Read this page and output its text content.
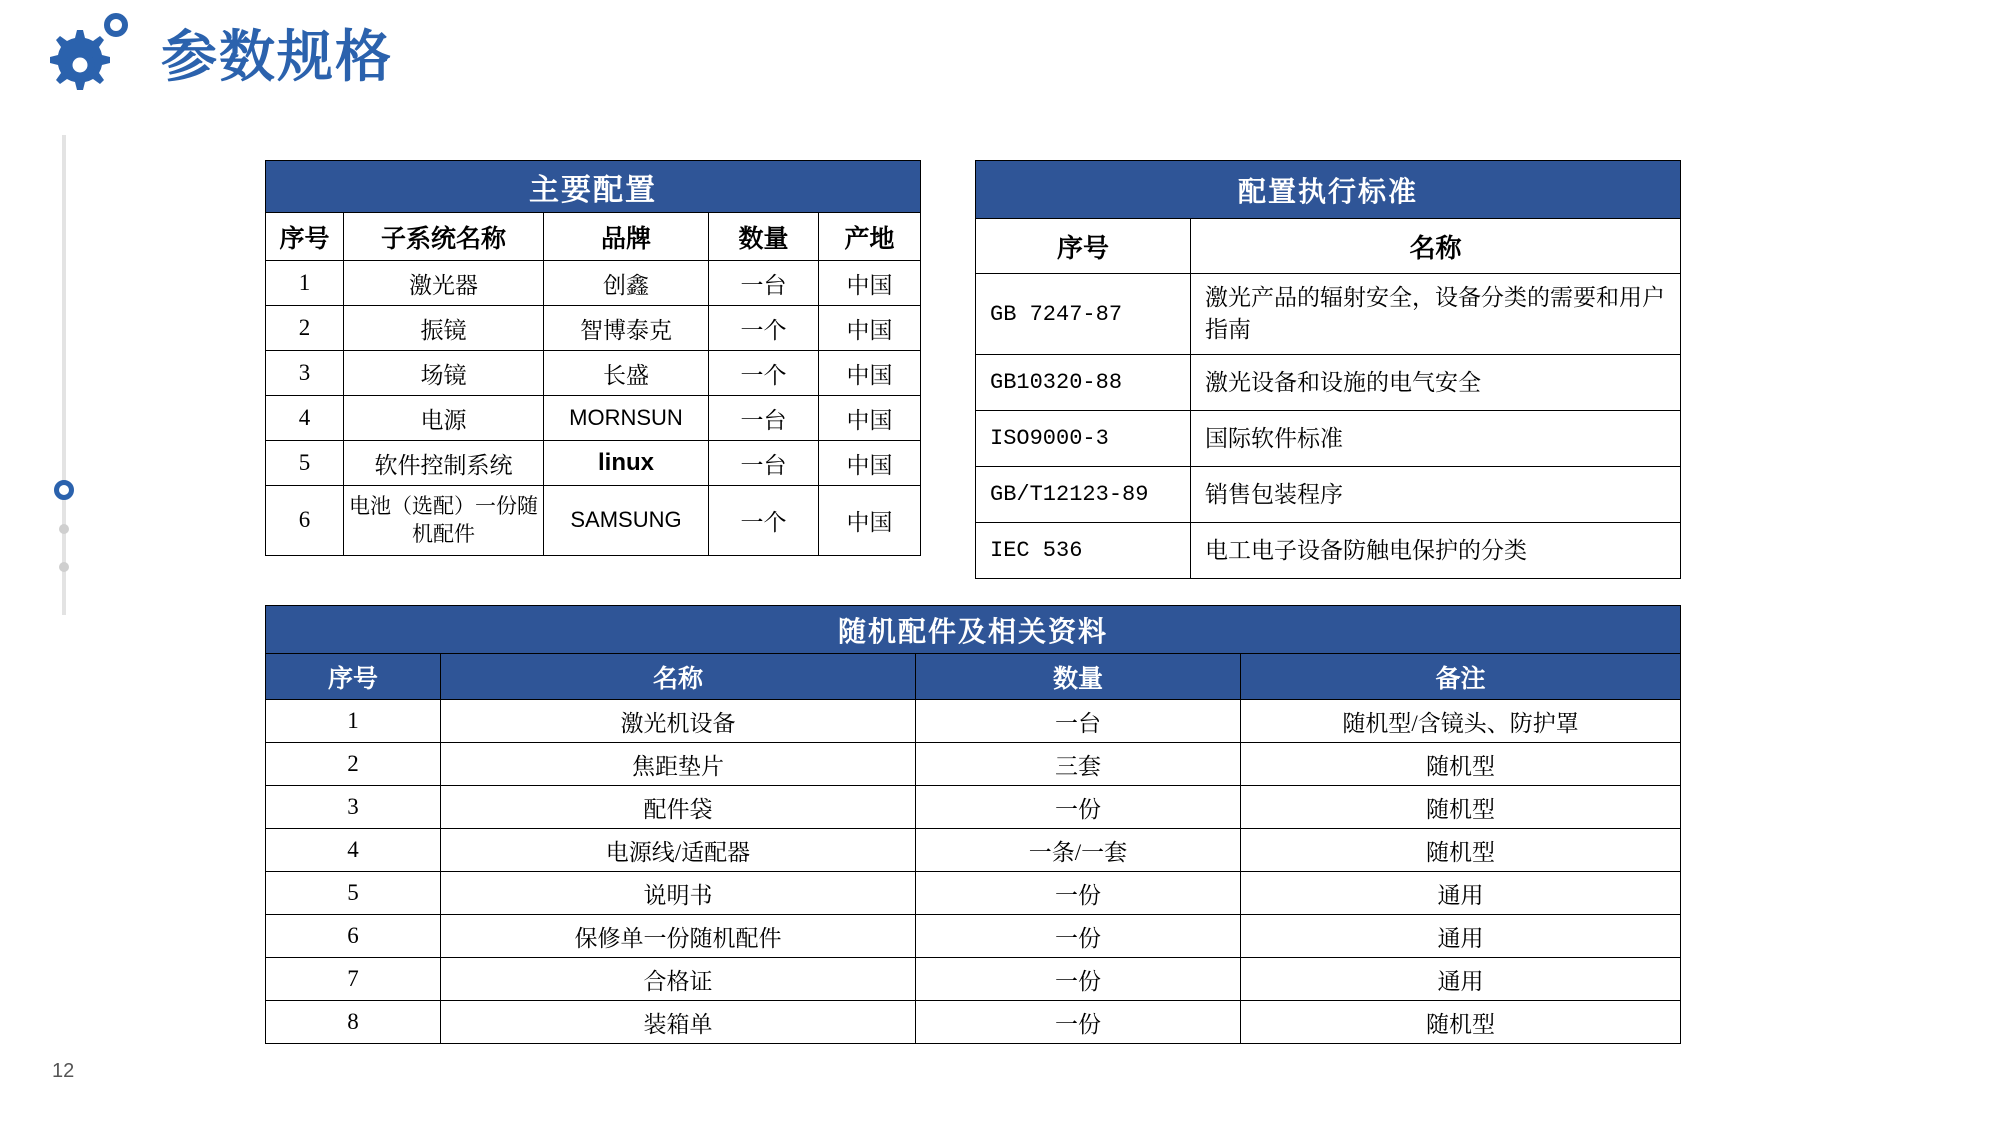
参数规格
12
主要配置				
序号	子系统名称	品牌	数量	产地
1	激光器	创鑫	一台	中国
2	振镜	智博泰克	一个	中国
3	场镜	长盛	一个	中国
4	电源	MORNSUN	一台	中国
5	软件控制系统	linux	一台	中国
6	电池（选配）一份随机配件	SAMSUNG	一个	中国
配置执行标准	
序号	名称
GB 7247-87	激光产品的辐射安全，设备分类的需要和用户指南
GB10320-88	激光设备和设施的电气安全
ISO9000-3	国际软件标准
GB/T12123-89	销售包装程序
IEC 536	电工电子设备防触电保护的分类
随机配件及相关资料			
序号	名称	数量	备注
1	激光机设备	一台	随机型/含镜头、防护罩
2	焦距垫片	三套	随机型
3	配件袋	一份	随机型
4	电源线/适配器	一条/一套	随机型
5	说明书	一份	通用
6	保修单一份随机配件	一份	通用
7	合格证	一份	通用
8	装箱单	一份	随机型
